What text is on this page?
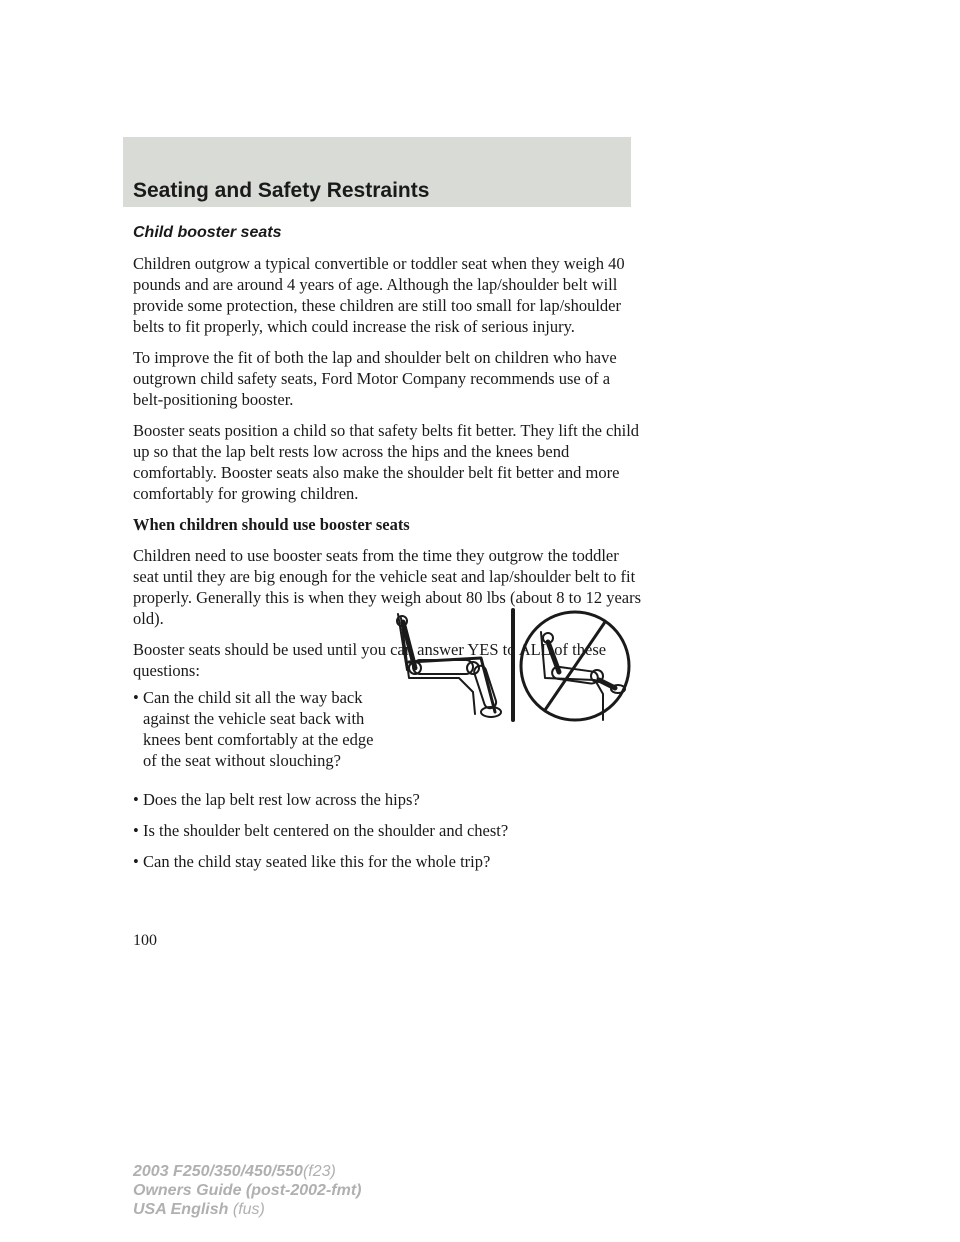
Seating and Safety Restraints

Child booster seats

Children outgrow a typical convertible or toddler seat when they weigh 40 pounds and are around 4 years of age. Although the lap/shoulder belt will provide some protection, these children are still too small for lap/shoulder belts to fit properly, which could increase the risk of serious injury.

To improve the fit of both the lap and shoulder belt on children who have outgrown child safety seats, Ford Motor Company recommends use of a belt-positioning booster.

Booster seats position a child so that safety belts fit better. They lift the child up so that the lap belt rests low across the hips and the knees bend comfortably. Booster seats also make the shoulder belt fit better and more comfortably for growing children.

When children should use booster seats

Children need to use booster seats from the time they outgrow the toddler seat until they are big enough for the vehicle seat and lap/shoulder belt to fit properly. Generally this is when they weigh about 80 lbs (about 8 to 12 years old).

Booster seats should be used until you can answer YES to ALL of these questions:

• Can the child sit all the way back against the vehicle seat back with knees bent comfortably at the edge of the seat without slouching?
• Does the lap belt rest low across the hips?
• Is the shoulder belt centered on the shoulder and chest?
• Can the child stay seated like this for the whole trip?
100
2003 F250/350/450/550(f23)
Owners Guide (post-2002-fmt)
USA English (fus)
